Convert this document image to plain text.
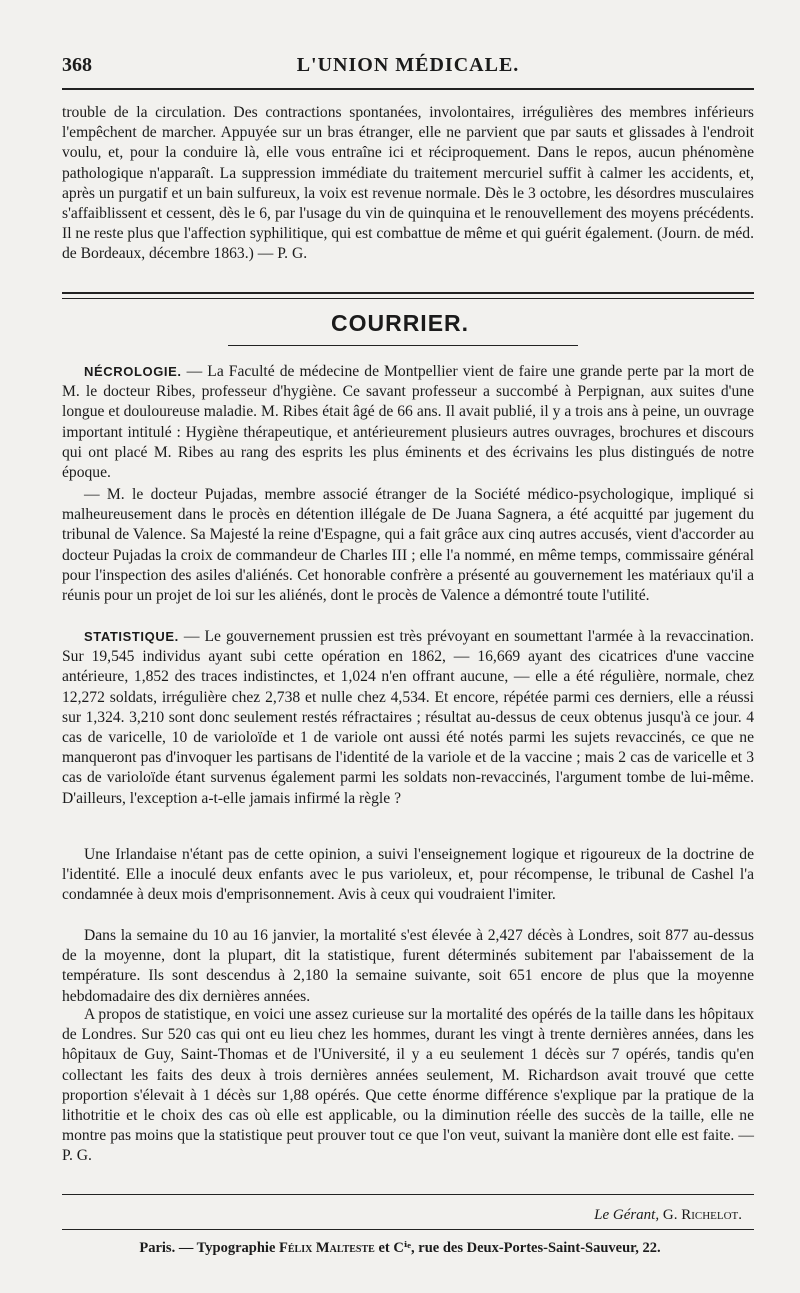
368	L'UNION MÉDICALE.

trouble de la circulation. Des contractions spontanées, involontaires, irrégulières des membres inférieurs l'empêchent de marcher. Appuyée sur un bras étranger, elle ne parvient que par sauts et glissades à l'endroit voulu, et, pour la conduire là, elle vous entraîne ici et réciproquement. Dans le repos, aucun phénomène pathologique n'apparaît. La suppression immédiate du traitement mercuriel suffit à calmer les accidents, et, après un purgatif et un bain sulfureux, la voix est revenue normale. Dès le 3 octobre, les désordres musculaires s'affaiblissent et cessent, dès le 6, par l'usage du vin de quinquina et le renouvellement des moyens précédents. Il ne reste plus que l'affection syphilitique, qui est combattue de même et qui guérit également. (Journ. de méd. de Bordeaux, décembre 1863.) — P. G.

COURRIER.

NÉCROLOGIE. — La Faculté de médecine de Montpellier vient de faire une grande perte par la mort de M. le docteur Ribes, professeur d'hygiène. Ce savant professeur a succombé à Perpignan, aux suites d'une longue et douloureuse maladie. M. Ribes était âgé de 66 ans. Il avait publié, il y a trois ans à peine, un ouvrage important intitulé : Hygiène thérapeutique, et antérieurement plusieurs autres ouvrages, brochures et discours qui ont placé M. Ribes au rang des esprits les plus éminents et des écrivains les plus distingués de notre époque.

— M. le docteur Pujadas, membre associé étranger de la Société médico-psychologique, impliqué si malheureusement dans le procès en détention illégale de De Juana Sagnera, a été acquitté par jugement du tribunal de Valence. Sa Majesté la reine d'Espagne, qui a fait grâce aux cinq autres accusés, vient d'accorder au docteur Pujadas la croix de commandeur de Charles III ; elle l'a nommé, en même temps, commissaire général pour l'inspection des asiles d'aliénés. Cet honorable confrère a présenté au gouvernement les matériaux qu'il a réunis pour un projet de loi sur les aliénés, dont le procès de Valence a démontré toute l'utilité.

STATISTIQUE. — Le gouvernement prussien est très prévoyant en soumettant l'armée à la revaccination. Sur 19,545 individus ayant subi cette opération en 1862, — 16,669 ayant des cicatrices d'une vaccine antérieure, 1,852 des traces indistinctes, et 1,024 n'en offrant aucune, — elle a été régulière, normale, chez 12,272 soldats, irrégulière chez 2,738 et nulle chez 4,534. Et encore, répétée parmi ces derniers, elle a réussi sur 1,324. 3,210 sont donc seulement restés réfractaires ; résultat au-dessus de ceux obtenus jusqu'à ce jour. 4 cas de varicelle, 10 de varioloïde et 1 de variole ont aussi été notés parmi les sujets revaccinés, ce que ne manqueront pas d'invoquer les partisans de l'identité de la variole et de la vaccine ; mais 2 cas de varicelle et 3 cas de varioloïde étant survenus également parmi les soldats non-revaccinés, l'argument tombe de lui-même. D'ailleurs, l'exception a-t-elle jamais infirmé la règle ?

Une Irlandaise n'étant pas de cette opinion, a suivi l'enseignement logique et rigoureux de la doctrine de l'identité. Elle a inoculé deux enfants avec le pus varioleux, et, pour récompense, le tribunal de Cashel l'a condamnée à deux mois d'emprisonnement. Avis à ceux qui voudraient l'imiter.

Dans la semaine du 10 au 16 janvier, la mortalité s'est élevée à 2,427 décès à Londres, soit 877 au-dessus de la moyenne, dont la plupart, dit la statistique, furent déterminés subitement par l'abaissement de la température. Ils sont descendus à 2,180 la semaine suivante, soit 651 encore de plus que la moyenne hebdomadaire des dix dernières années.

A propos de statistique, en voici une assez curieuse sur la mortalité des opérés de la taille dans les hôpitaux de Londres. Sur 520 cas qui ont eu lieu chez les hommes, durant les vingt à trente dernières années, dans les hôpitaux de Guy, Saint-Thomas et de l'Université, il y a eu seulement 1 décès sur 7 opérés, tandis qu'en collectant les faits des deux à trois dernières années seulement, M. Richardson avait trouvé que cette proportion s'élevait à 1 décès sur 1,88 opérés. Que cette énorme différence s'explique par la pratique de la lithotritie et le choix des cas où elle est applicable, ou la diminution réelle des succès de la taille, elle ne montre pas moins que la statistique peut prouver tout ce que l'on veut, suivant la manière dont elle est faite. — P. G.

Le Gérant, G. Richelot.
Paris. — Typographie Félix Malteste et Cⁱᵉ, rue des Deux-Portes-Saint-Sauveur, 22.
